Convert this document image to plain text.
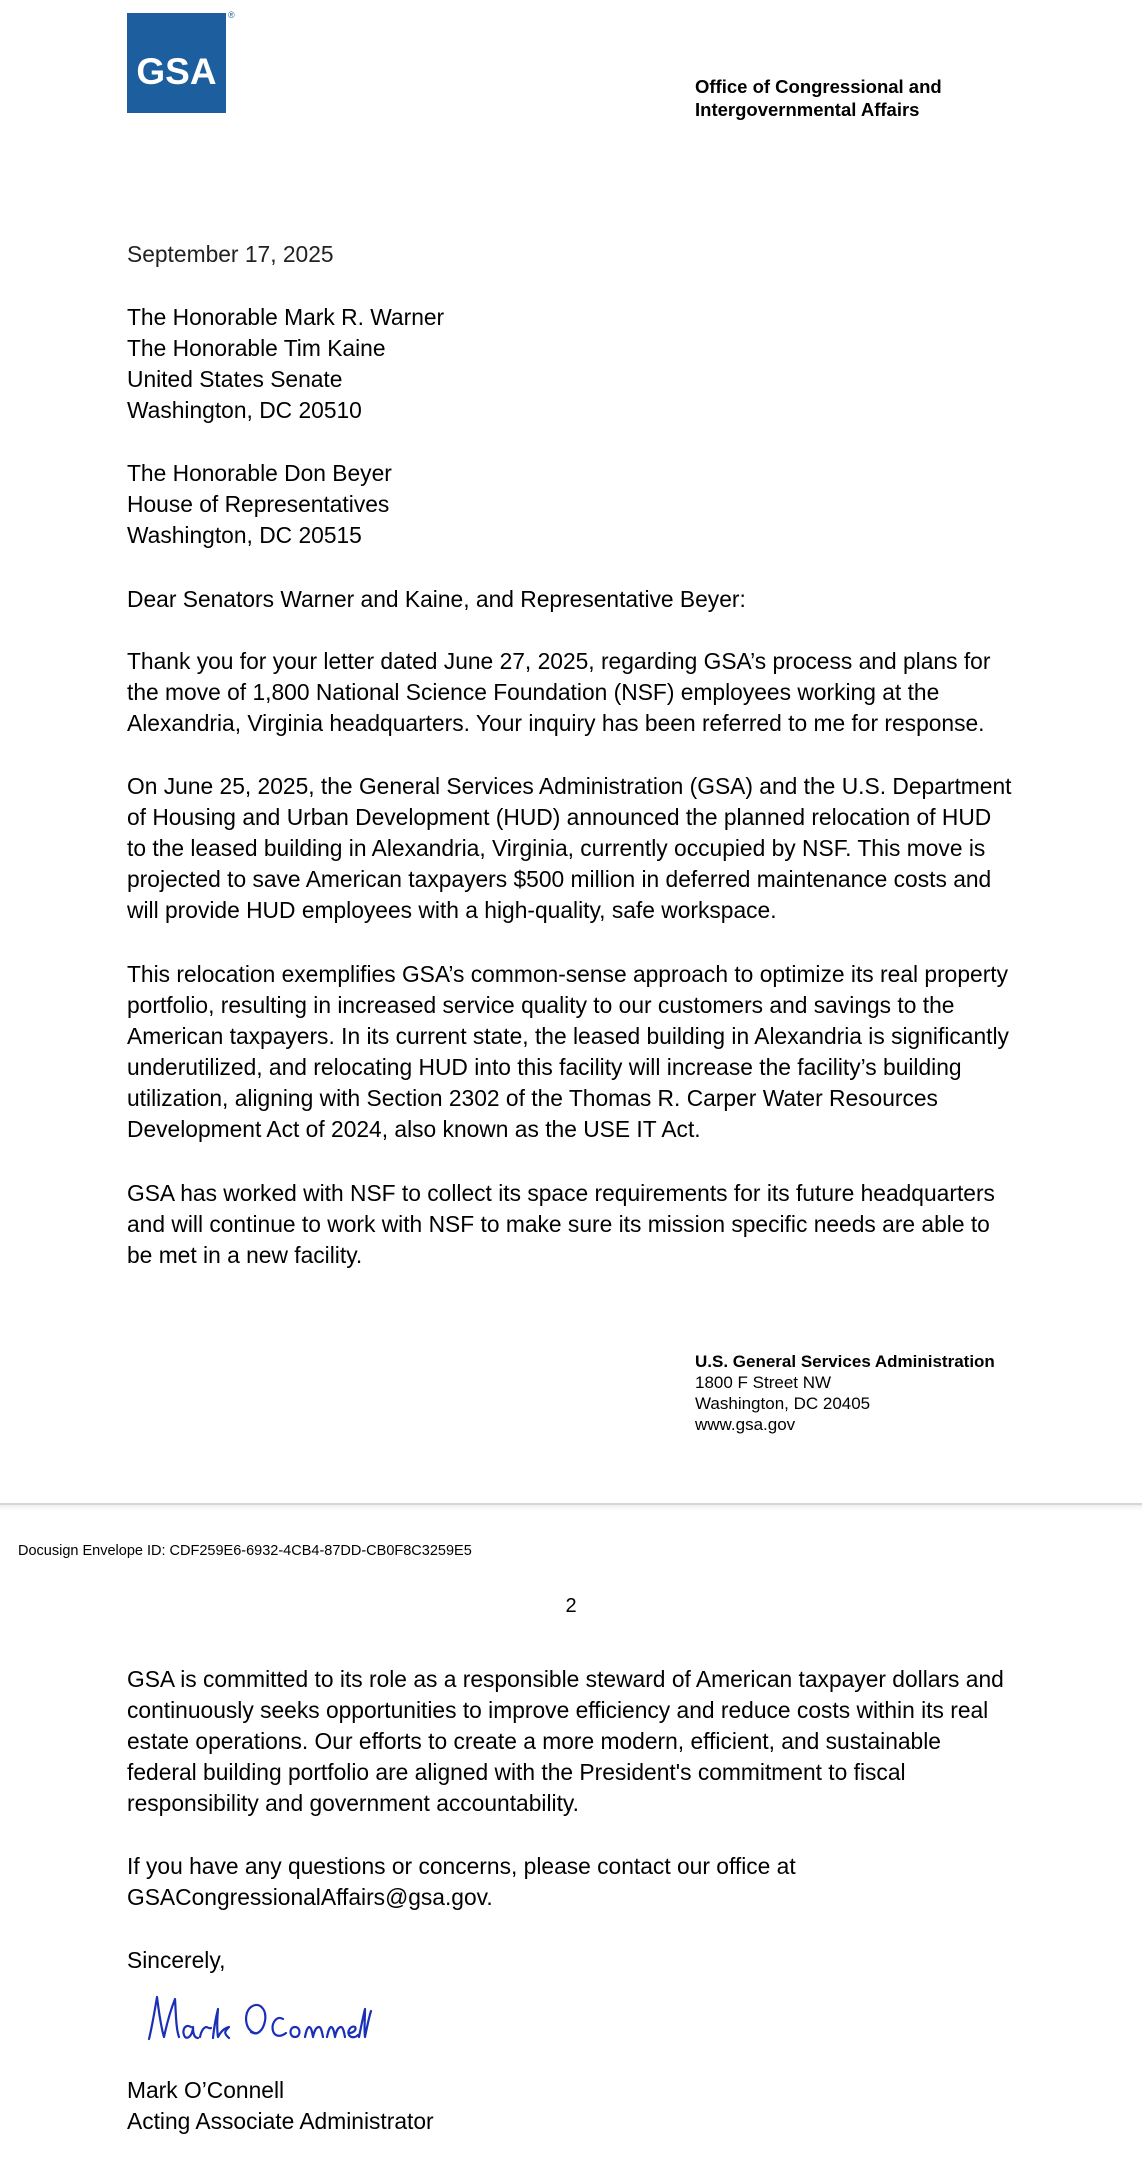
GSA
®
Office of Congressional and
Intergovernmental Affairs
September 17, 2025
The Honorable Mark R. Warner
The Honorable Tim Kaine
United States Senate
Washington, DC 20510
The Honorable Don Beyer
House of Representatives
Washington, DC 20515
Dear Senators Warner and Kaine, and Representative Beyer:
Thank you for your letter dated June 27, 2025, regarding GSA’s process and plans for
the move of 1,800 National Science Foundation (NSF) employees working at the
Alexandria, Virginia headquarters. Your inquiry has been referred to me for response.
On June 25, 2025, the General Services Administration (GSA) and the U.S. Department
of Housing and Urban Development (HUD) announced the planned relocation of HUD
to the leased building in Alexandria, Virginia, currently occupied by NSF. This move is
projected to save American taxpayers $500 million in deferred maintenance costs and
will provide HUD employees with a high-quality, safe workspace.
This relocation exemplifies GSA’s common-sense approach to optimize its real property
portfolio, resulting in increased service quality to our customers and savings to the
American taxpayers. In its current state, the leased building in Alexandria is significantly
underutilized, and relocating HUD into this facility will increase the facility’s building
utilization, aligning with Section 2302 of the Thomas R. Carper Water Resources
Development Act of 2024, also known as the USE IT Act.
GSA has worked with NSF to collect its space requirements for its future headquarters
and will continue to work with NSF to make sure its mission specific needs are able to
be met in a new facility.
U.S. General Services Administration
1800 F Street NW
Washington, DC 20405
www.gsa.gov
Docusign Envelope ID: CDF259E6-6932-4CB4-87DD-CB0F8C3259E5
2
GSA is committed to its role as a responsible steward of American taxpayer dollars and
continuously seeks opportunities to improve efficiency and reduce costs within its real
estate operations. Our efforts to create a more modern, efficient, and sustainable
federal building portfolio are aligned with the President's commitment to fiscal
responsibility and government accountability.
If you have any questions or concerns, please contact our office at
GSACongressionalAffairs@gsa.gov.
Sincerely,
Mark O’Connell
Acting Associate Administrator
